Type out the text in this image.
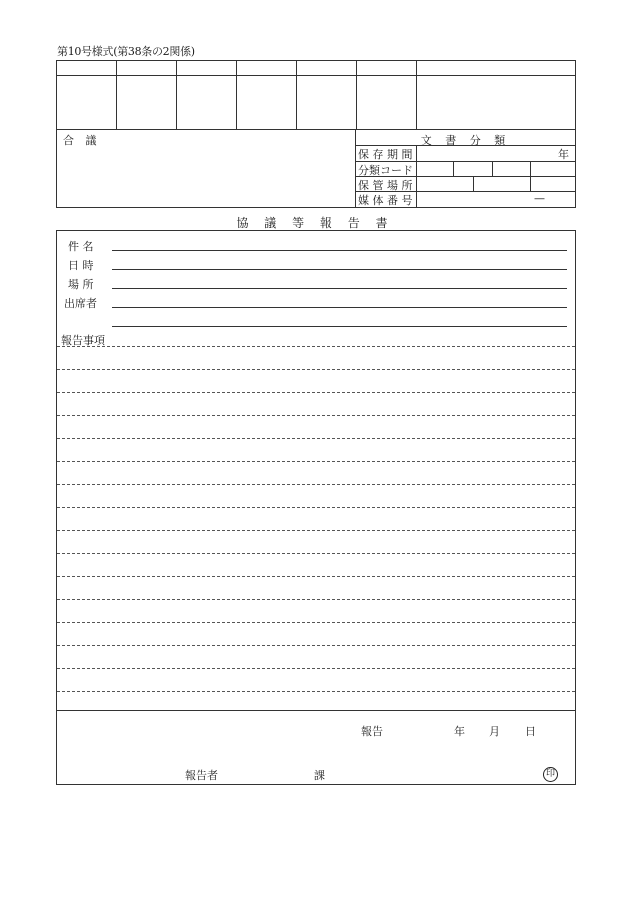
第10号様式(第38条の2関係)
合 議	文 書 分 類
保 存 期 間	年
分類コード
保 管 場 所
媒 体 番 号	—
協 議 等 報 告 書
件 名
日 時
場 所
出席者
報告事項
報告	年 月 日
報告者	課	印
